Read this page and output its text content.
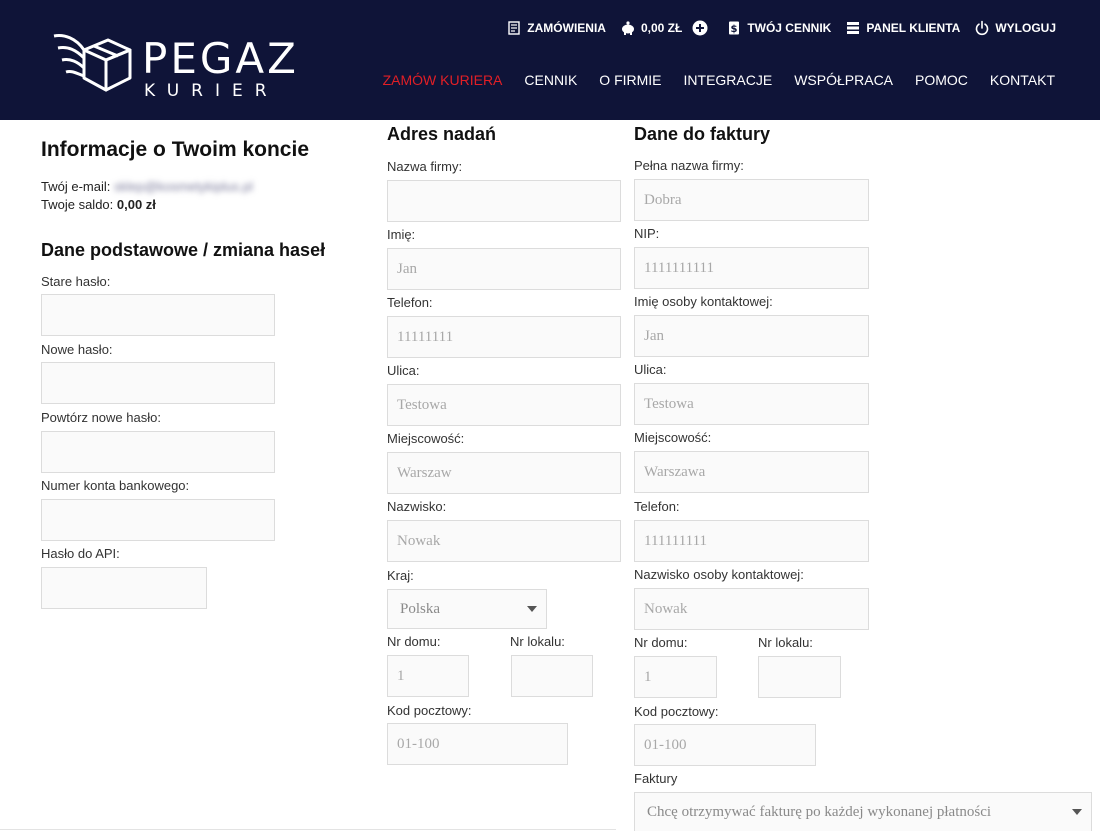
PEGAZ
KURIER
ZAMÓWIENIA	0,00 ZŁ	$ TWÓJ CENNIK	PANEL KLIENTA	WYLOGUJ
ZAMÓW KURIERA CENNIK O FIRMIE INTEGRACJE WSPÓŁPRACA POMOC KONTAKT
Informacje o Twoim koncie
Twój e-mail: sklep@kosmetykiplus.pl
Twoje saldo: 0,00 zł
Dane podstawowe / zmiana haseł
Stare hasło:
Nowe hasło:
Powtórz nowe hasło:
Numer konta bankowego:
Hasło do API:
Adres nadań
Nazwa firmy:
Imię:
Jan
Telefon:
11111111
Ulica:
Testowa
Miejscowość:
Warszaw
Nazwisko:
Nowak
Kraj:
Polska
Nr domu:
1
Nr lokalu:
Kod pocztowy:
01-100
Dane do faktury
Pełna nazwa firmy:
Dobra
NIP:
1111111111
Imię osoby kontaktowej:
Jan
Ulica:
Testowa
Miejscowość:
Warszawa
Telefon:
111111111
Nazwisko osoby kontaktowej:
Nowak
Nr domu:
1
Nr lokalu:
Kod pocztowy:
01-100
Faktury
Chcę otrzymywać fakturę po każdej wykonanej płatności
